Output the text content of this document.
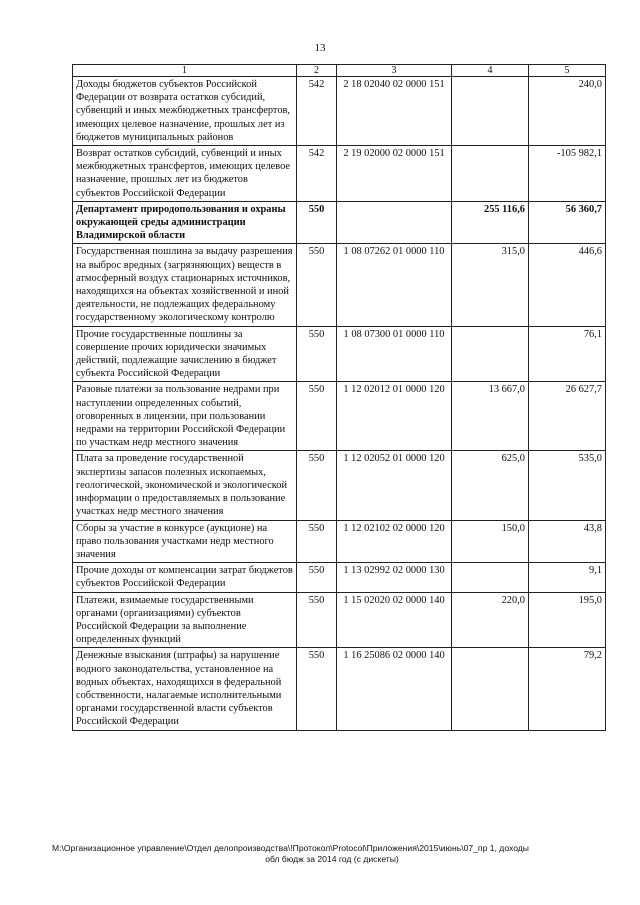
13
1	2	3	4	5
Доходы бюджетов субъектов Российской Федерации от возврата остатков субсидий, субвенций и иных межбюджетных трансфертов, имеющих целевое назначение, прошлых лет из бюджетов муниципальных районов	542	2 18 02040 02 0000 151		240,0
Возврат остатков субсидий, субвенций и иных межбюджетных трансфертов, имеющих целевое назначение, прошлых лет из бюджетов субъектов Российской Федерации	542	2 19 02000 02 0000 151		-105 982,1
Департамент природопользования и охраны окружающей среды администрации Владимирской области	550		255 116,6	56 360,7
Государственная пошлина за выдачу разрешения на выброс вредных (загрязняющих) веществ в атмосферный воздух стационарных источников, находящихся на объектах хозяйственной и иной деятельности, не подлежащих федеральному государственному экологическому контролю	550	1 08 07262 01 0000 110	315,0	446,6
Прочие государственные пошлины за совершение прочих юридически значимых действий, подлежащие зачислению в бюджет субъекта Российской Федерации	550	1 08 07300 01 0000 110		76,1
Разовые платежи за пользование недрами при наступлении определенных событий, оговоренных в лицензии, при пользовании недрами на территории Российской Федерации по участкам недр местного значения	550	1 12 02012 01 0000 120	13 667,0	26 627,7
Плата за проведение государственной экспертизы запасов полезных ископаемых, геологической, экономической и экологической информации о предоставляемых в пользование участках недр местного значения	550	1 12 02052 01 0000 120	625,0	535,0
Сборы за участие в конкурсе (аукционе) на право пользования участками недр местного значения	550	1 12 02102 02 0000 120	150,0	43,8
Прочие доходы от компенсации затрат бюджетов субъектов Российской Федерации	550	1 13 02992 02 0000 130		9,1
Платежи, взимаемые государственными органами (организациями) субъектов Российской Федерации за выполнение определенных функций	550	1 15 02020 02 0000 140	220,0	195,0
Денежные взыскания (штрафы) за нарушение водного законодательства, установленное на водных объектах, находящихся в федеральной собственности, налагаемые исполнительными органами государственной власти субъектов Российской Федерации	550	1 16 25086 02 0000 140		79,2
M:\Организационное управление\Отдел делопроизводства\!Протокол\Protocol\Приложения\2015\июнь\07_пр 1, доходы
обл бюдж за 2014 год (с дискеты)
